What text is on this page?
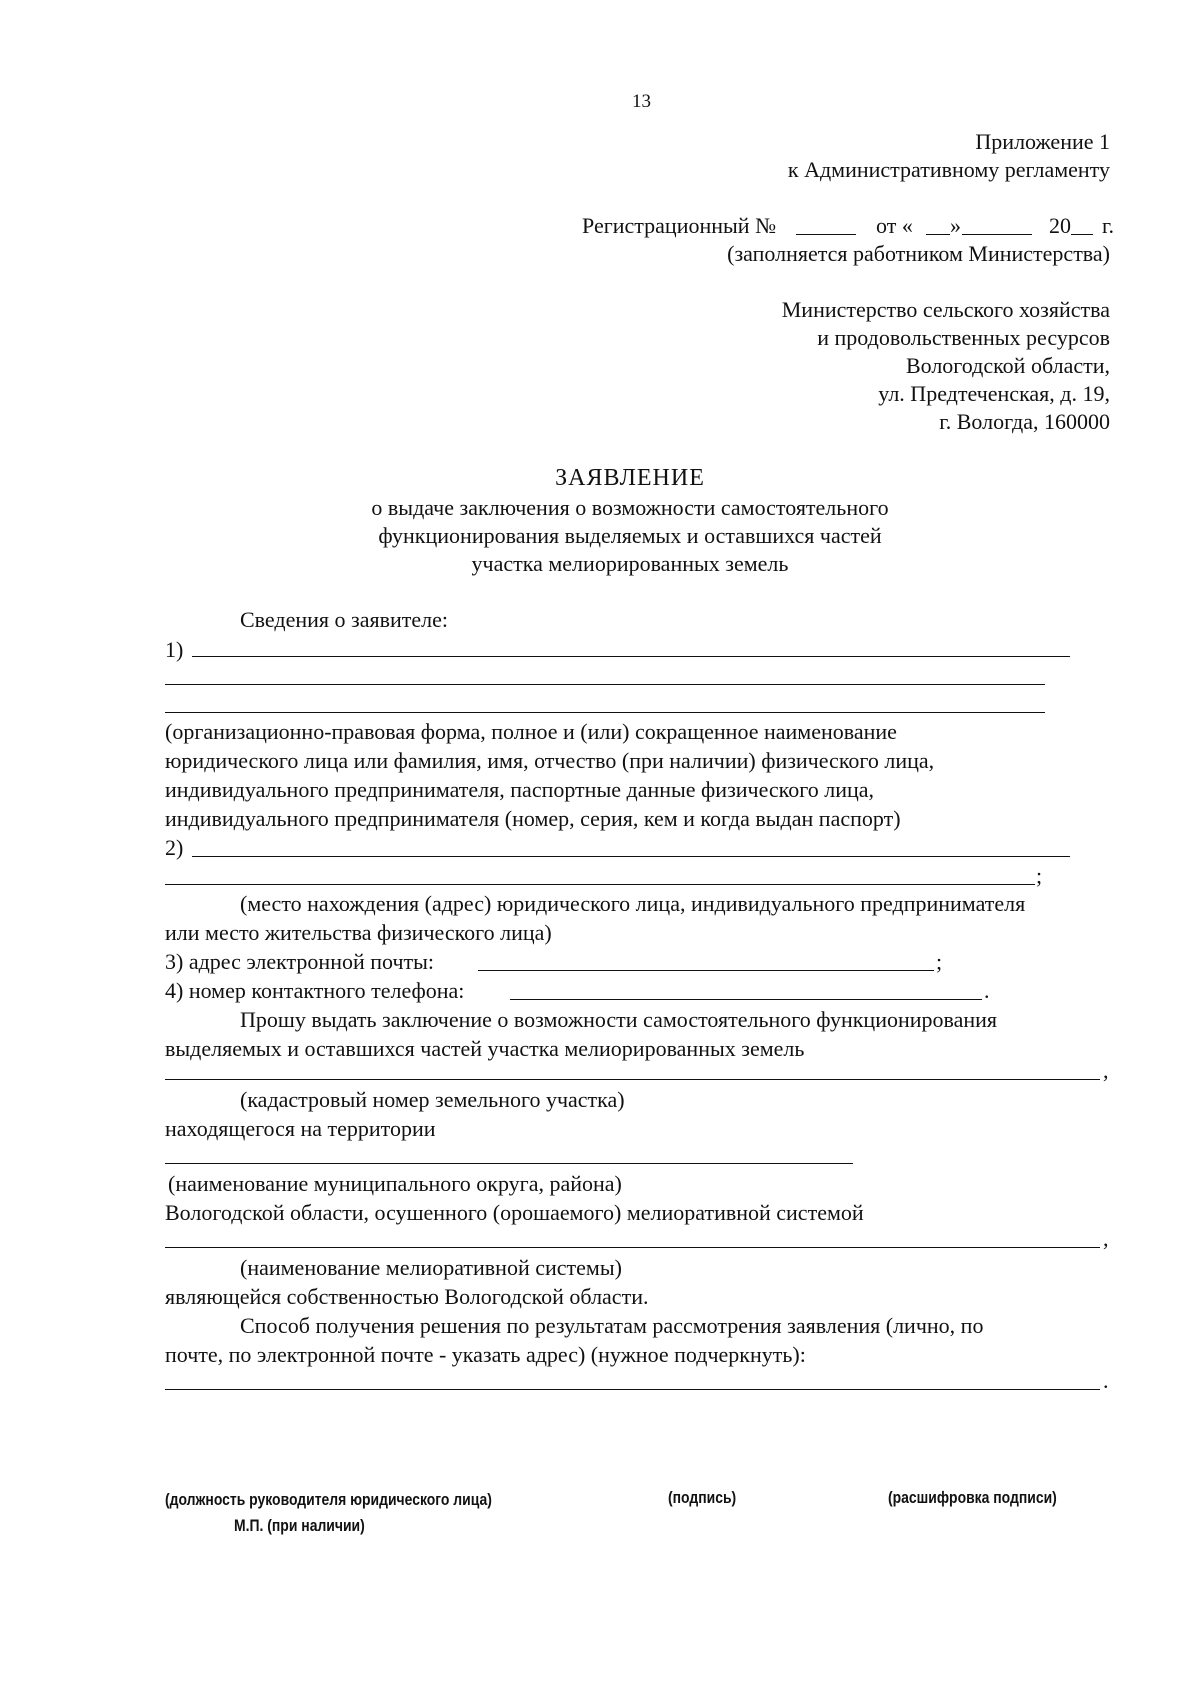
13
Приложение 1
к Административному регламенту
Регистрационный №	от « »	20 г.
(заполняется работником Министерства)
Министерство сельского хозяйства
и продовольственных ресурсов
Вологодской области,
ул. Предтеченская, д. 19,
г. Вологда, 160000
ЗАЯВЛЕНИЕ
о выдаче заключения о возможности самостоятельного
функционирования выделяемых и оставшихся частей
участка мелиорированных земель
Сведения о заявителе:
1)
(организационно-правовая форма, полное и (или) сокращенное наименование
юридического лица или фамилия, имя, отчество (при наличии) физического лица,
индивидуального предпринимателя, паспортные данные физического лица,
индивидуального предпринимателя (номер, серия, кем и когда выдан паспорт)
2)
;
(место нахождения (адрес) юридического лица, индивидуального предпринимателя
или место жительства физического лица)
3) адрес электронной почты:	;
4) номер контактного телефона:	.
Прошу выдать заключение о возможности самостоятельного функционирования
выделяемых и оставшихся частей участка мелиорированных земель
,
(кадастровый номер земельного участка)
находящегося на территории
(наименование муниципального округа, района)
Вологодской области, осушенного (орошаемого) мелиоративной системой
,
(наименование мелиоративной системы)
являющейся собственностью Вологодской области.
Способ получения решения по результатам рассмотрения заявления (лично, по
почте, по электронной почте - указать адрес) (нужное подчеркнуть):
.
(должность руководителя юридического лица)	(подпись)	(расшифровка подписи)
М.П. (при наличии)
